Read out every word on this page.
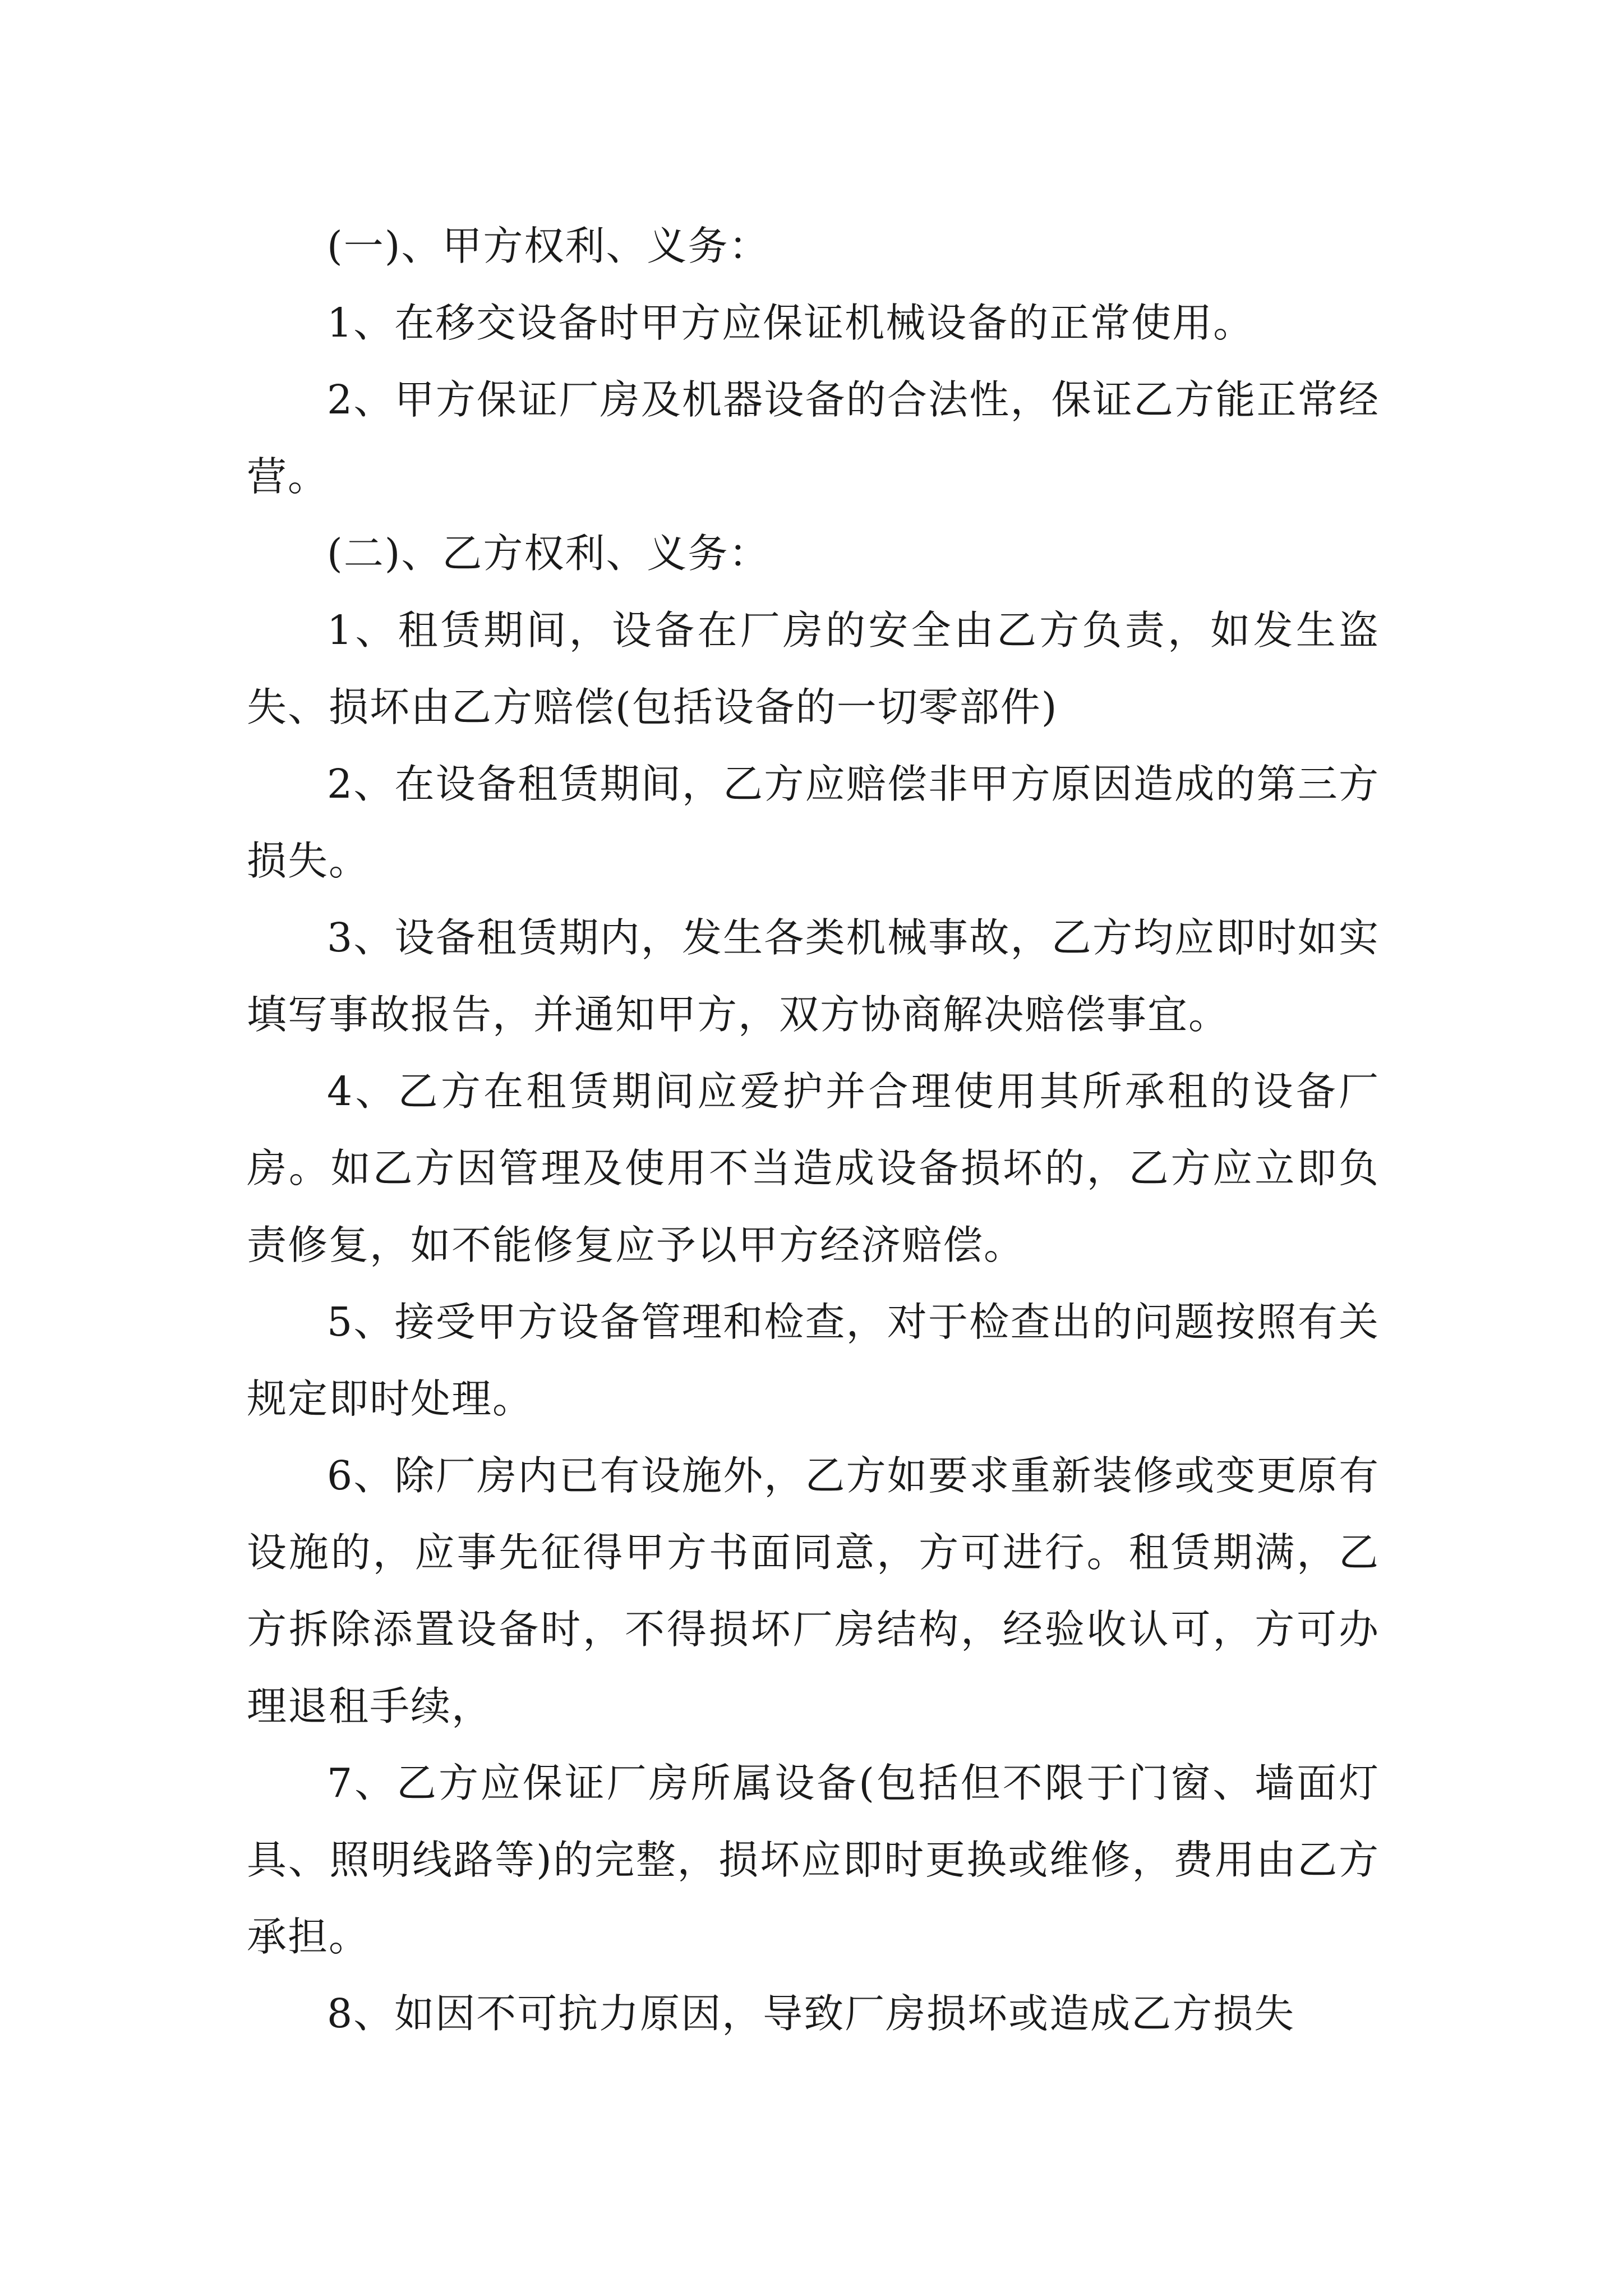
(一)、甲方权利、义务：

1、在移交设备时甲方应保证机械设备的正常使用。

2、甲方保证厂房及机器设备的合法性，保证乙方能正常经营。

(二)、乙方权利、义务：

1、租赁期间，设备在厂房的安全由乙方负责，如发生盗失、损坏由乙方赔偿(包括设备的一切零部件)

2、在设备租赁期间，乙方应赔偿非甲方原因造成的第三方损失。

3、设备租赁期内，发生各类机械事故，乙方均应即时如实填写事故报告，并通知甲方，双方协商解决赔偿事宜。

4、乙方在租赁期间应爱护并合理使用其所承租的设备厂房。如乙方因管理及使用不当造成设备损坏的，乙方应立即负责修复，如不能修复应予以甲方经济赔偿。

5、接受甲方设备管理和检查，对于检查出的问题按照有关规定即时处理。

6、除厂房内已有设施外，乙方如要求重新装修或变更原有设施的，应事先征得甲方书面同意，方可进行。租赁期满，乙方拆除添置设备时，不得损坏厂房结构，经验收认可，方可办理退租手续，

7、乙方应保证厂房所属设备(包括但不限于门窗、墙面灯具、照明线路等)的完整，损坏应即时更换或维修，费用由乙方承担。

8、如因不可抗力原因，导致厂房损坏或造成乙方损失
